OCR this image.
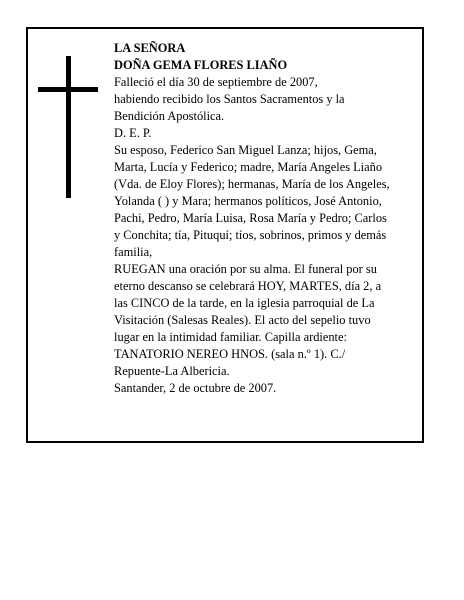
LA SEÑORA
DOÑA GEMA FLORES LIAÑO
Falleció el día 30 de septiembre de 2007,
habiendo recibido los Santos Sacramentos y la
Bendición Apostólica.
D. E. P.
Su esposo, Federico San Miguel Lanza; hijos, Gema,
Marta, Lucía y Federico; madre, María Angeles Liaño
(Vda. de Eloy Flores); hermanas, María de los Angeles,
Yolanda ( ) y Mara; hermanos políticos, José Antonio,
Pachi, Pedro, María Luisa, Rosa María y Pedro; Carlos
y Conchita; tía, Pituquí; tíos, sobrinos, primos y demás
familia,
RUEGAN una oración por su alma. El funeral por su
eterno descanso se celebrará HOY, MARTES, día 2, a
las CINCO de la tarde, en la iglesia parroquial de La
Visitación (Salesas Reales). El acto del sepelio tuvo
lugar en la intimidad familiar. Capilla ardiente:
TANATORIO NEREO HNOS. (sala n.º 1). C./
Repuente-La Albericia.
Santander, 2 de octubre de 2007.
